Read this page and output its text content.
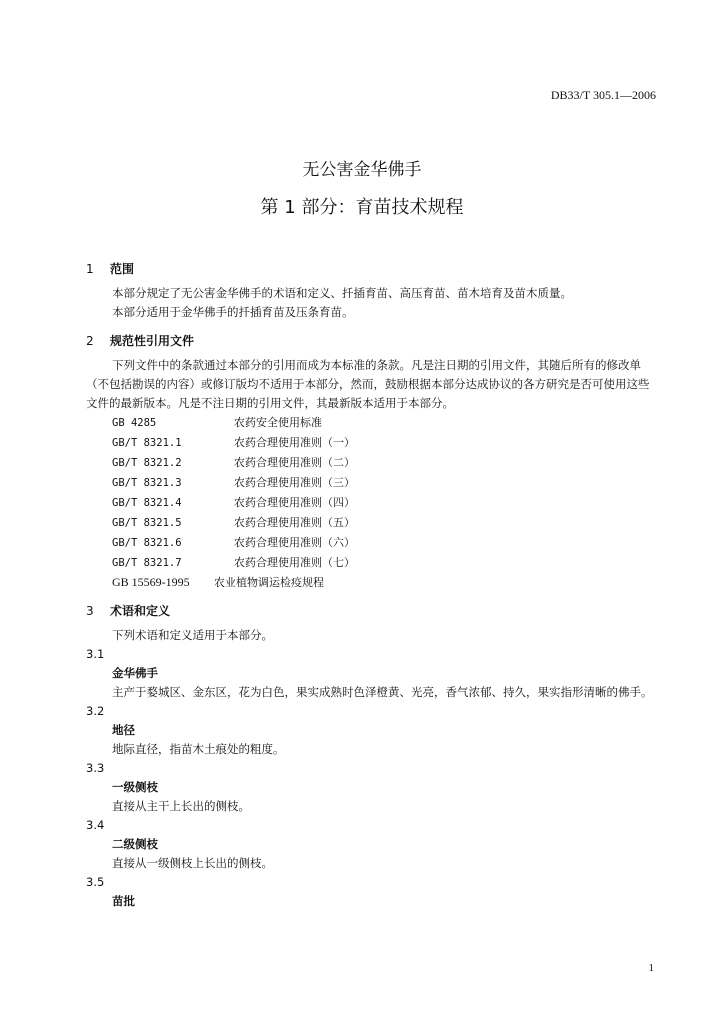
DB33/T 305.1—2006
无公害金华佛手
第 1 部分：育苗技术规程
1 范围
本部分规定了无公害金华佛手的术语和定义、扦插育苗、高压育苗、苗木培育及苗木质量。
本部分适用于金华佛手的扦插育苗及压条育苗。
2 规范性引用文件
下列文件中的条款通过本部分的引用而成为本标准的条款。凡是注日期的引用文件，其随后所有的修改单（不包括勘误的内容）或修订版均不适用于本部分，然而，鼓励根据本部分达成协议的各方研究是否可使用这些文件的最新版本。凡是不注日期的引用文件，其最新版本适用于本部分。
GB 4285	农药安全使用标准
GB/T 8321.1	农药合理使用准则（一）
GB/T 8321.2	农药合理使用准则（二）
GB/T 8321.3	农药合理使用准则（三）
GB/T 8321.4	农药合理使用准则（四）
GB/T 8321.5	农药合理使用准则（五）
GB/T 8321.6	农药合理使用准则（六）
GB/T 8321.7	农药合理使用准则（七）
GB 15569-1995 农业植物调运检疫规程
3 术语和定义
下列术语和定义适用于本部分。
3.1
金华佛手
主产于婺城区、金东区，花为白色，果实成熟时色泽橙黄、光亮，香气浓郁、持久，果实指形清晰的佛手。
3.2
地径
地际直径，指苗木土痕处的粗度。
3.3
一级侧枝
直接从主干上长出的侧枝。
3.4
二级侧枝
直接从一级侧枝上长出的侧枝。
3.5
苗批
1
